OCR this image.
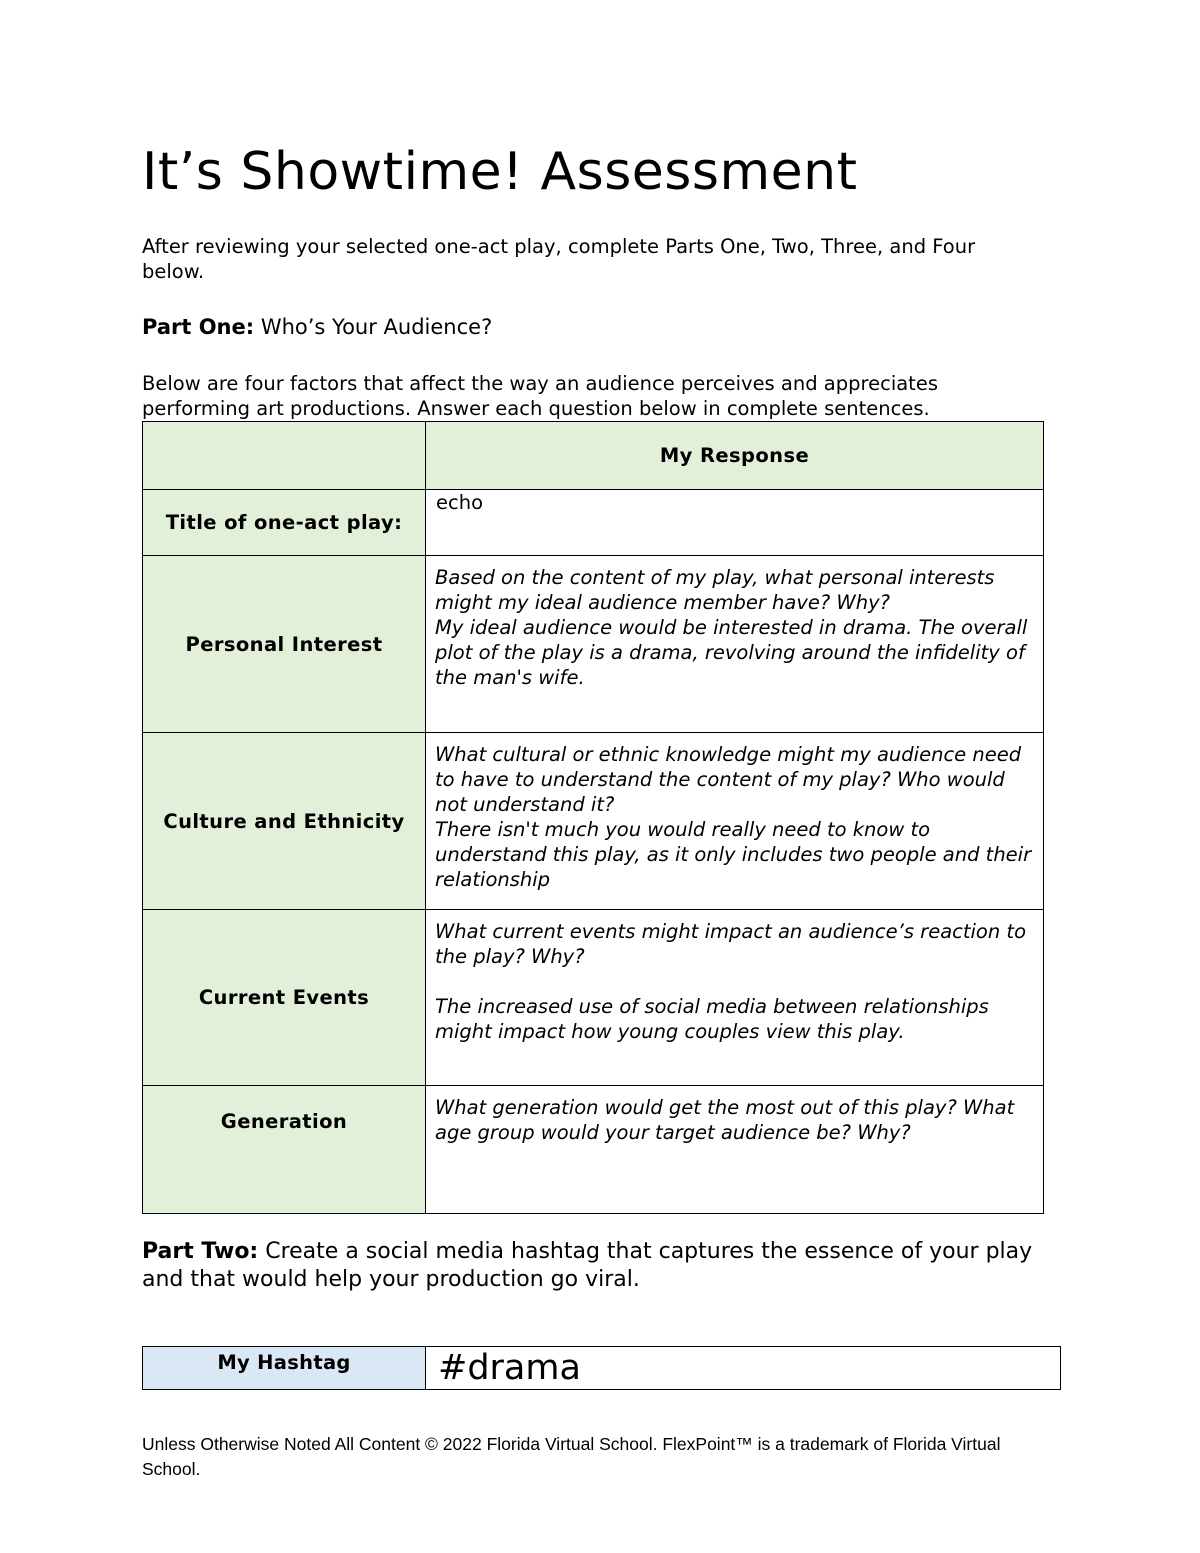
It’s Showtime! Assessment

After reviewing your selected one-act play, complete Parts One, Two, Three, and Four below.

Part One: Who’s Your Audience?

Below are four factors that affect the way an audience perceives and appreciates performing art productions. Answer each question below in complete sentences.

	My Response
Title of one-act play:	echo
Personal Interest	Based on the content of my play, what personal interests might my ideal audience member have? Why?
My ideal audience would be interested in drama. The overall plot of the play is a drama, revolving around the infidelity of the man's wife.
Culture and Ethnicity	What cultural or ethnic knowledge might my audience need to have to understand the content of my play? Who would not understand it?
There isn't much you would really need to know to understand this play, as it only includes two people and their relationship
Current Events	What current events might impact an audience’s reaction to the play? Why?
The increased use of social media between relationships might impact how young couples view this play.
Generation	What generation would get the most out of this play? What age group would your target audience be? Why?

Part Two: Create a social media hashtag that captures the essence of your play and that would help your production go viral.

My Hashtag	#drama

Unless Otherwise Noted All Content © 2022 Florida Virtual School. FlexPoint™ is a trademark of Florida Virtual School.
